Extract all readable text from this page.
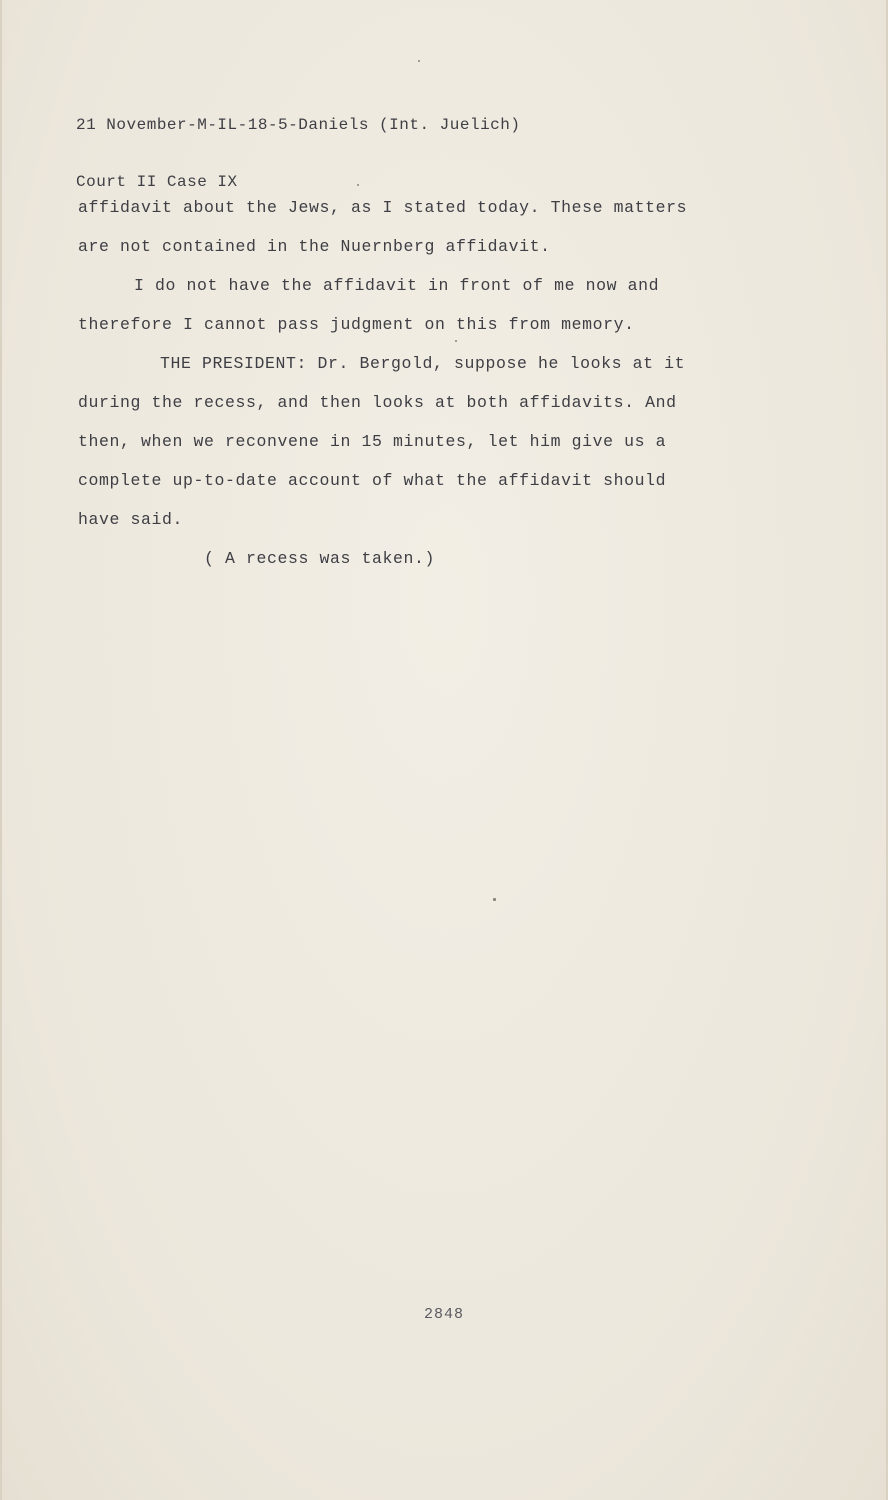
21 November-M-IL-18-5-Daniels (Int. Juelich)

Court II Case IX

affidavit about the Jews, as I stated today. These matters
are not contained in the Nuernberg affidavit.
I do not have the affidavit in front of me now and
therefore I cannot pass judgment on this from memory.
THE PRESIDENT: Dr. Bergold, suppose he looks at it
during the recess, and then looks at both affidavits. And
then, when we reconvene in 15 minutes, let him give us a
complete up-to-date account of what the affidavit should
have said.
( A recess was taken.)
2848
